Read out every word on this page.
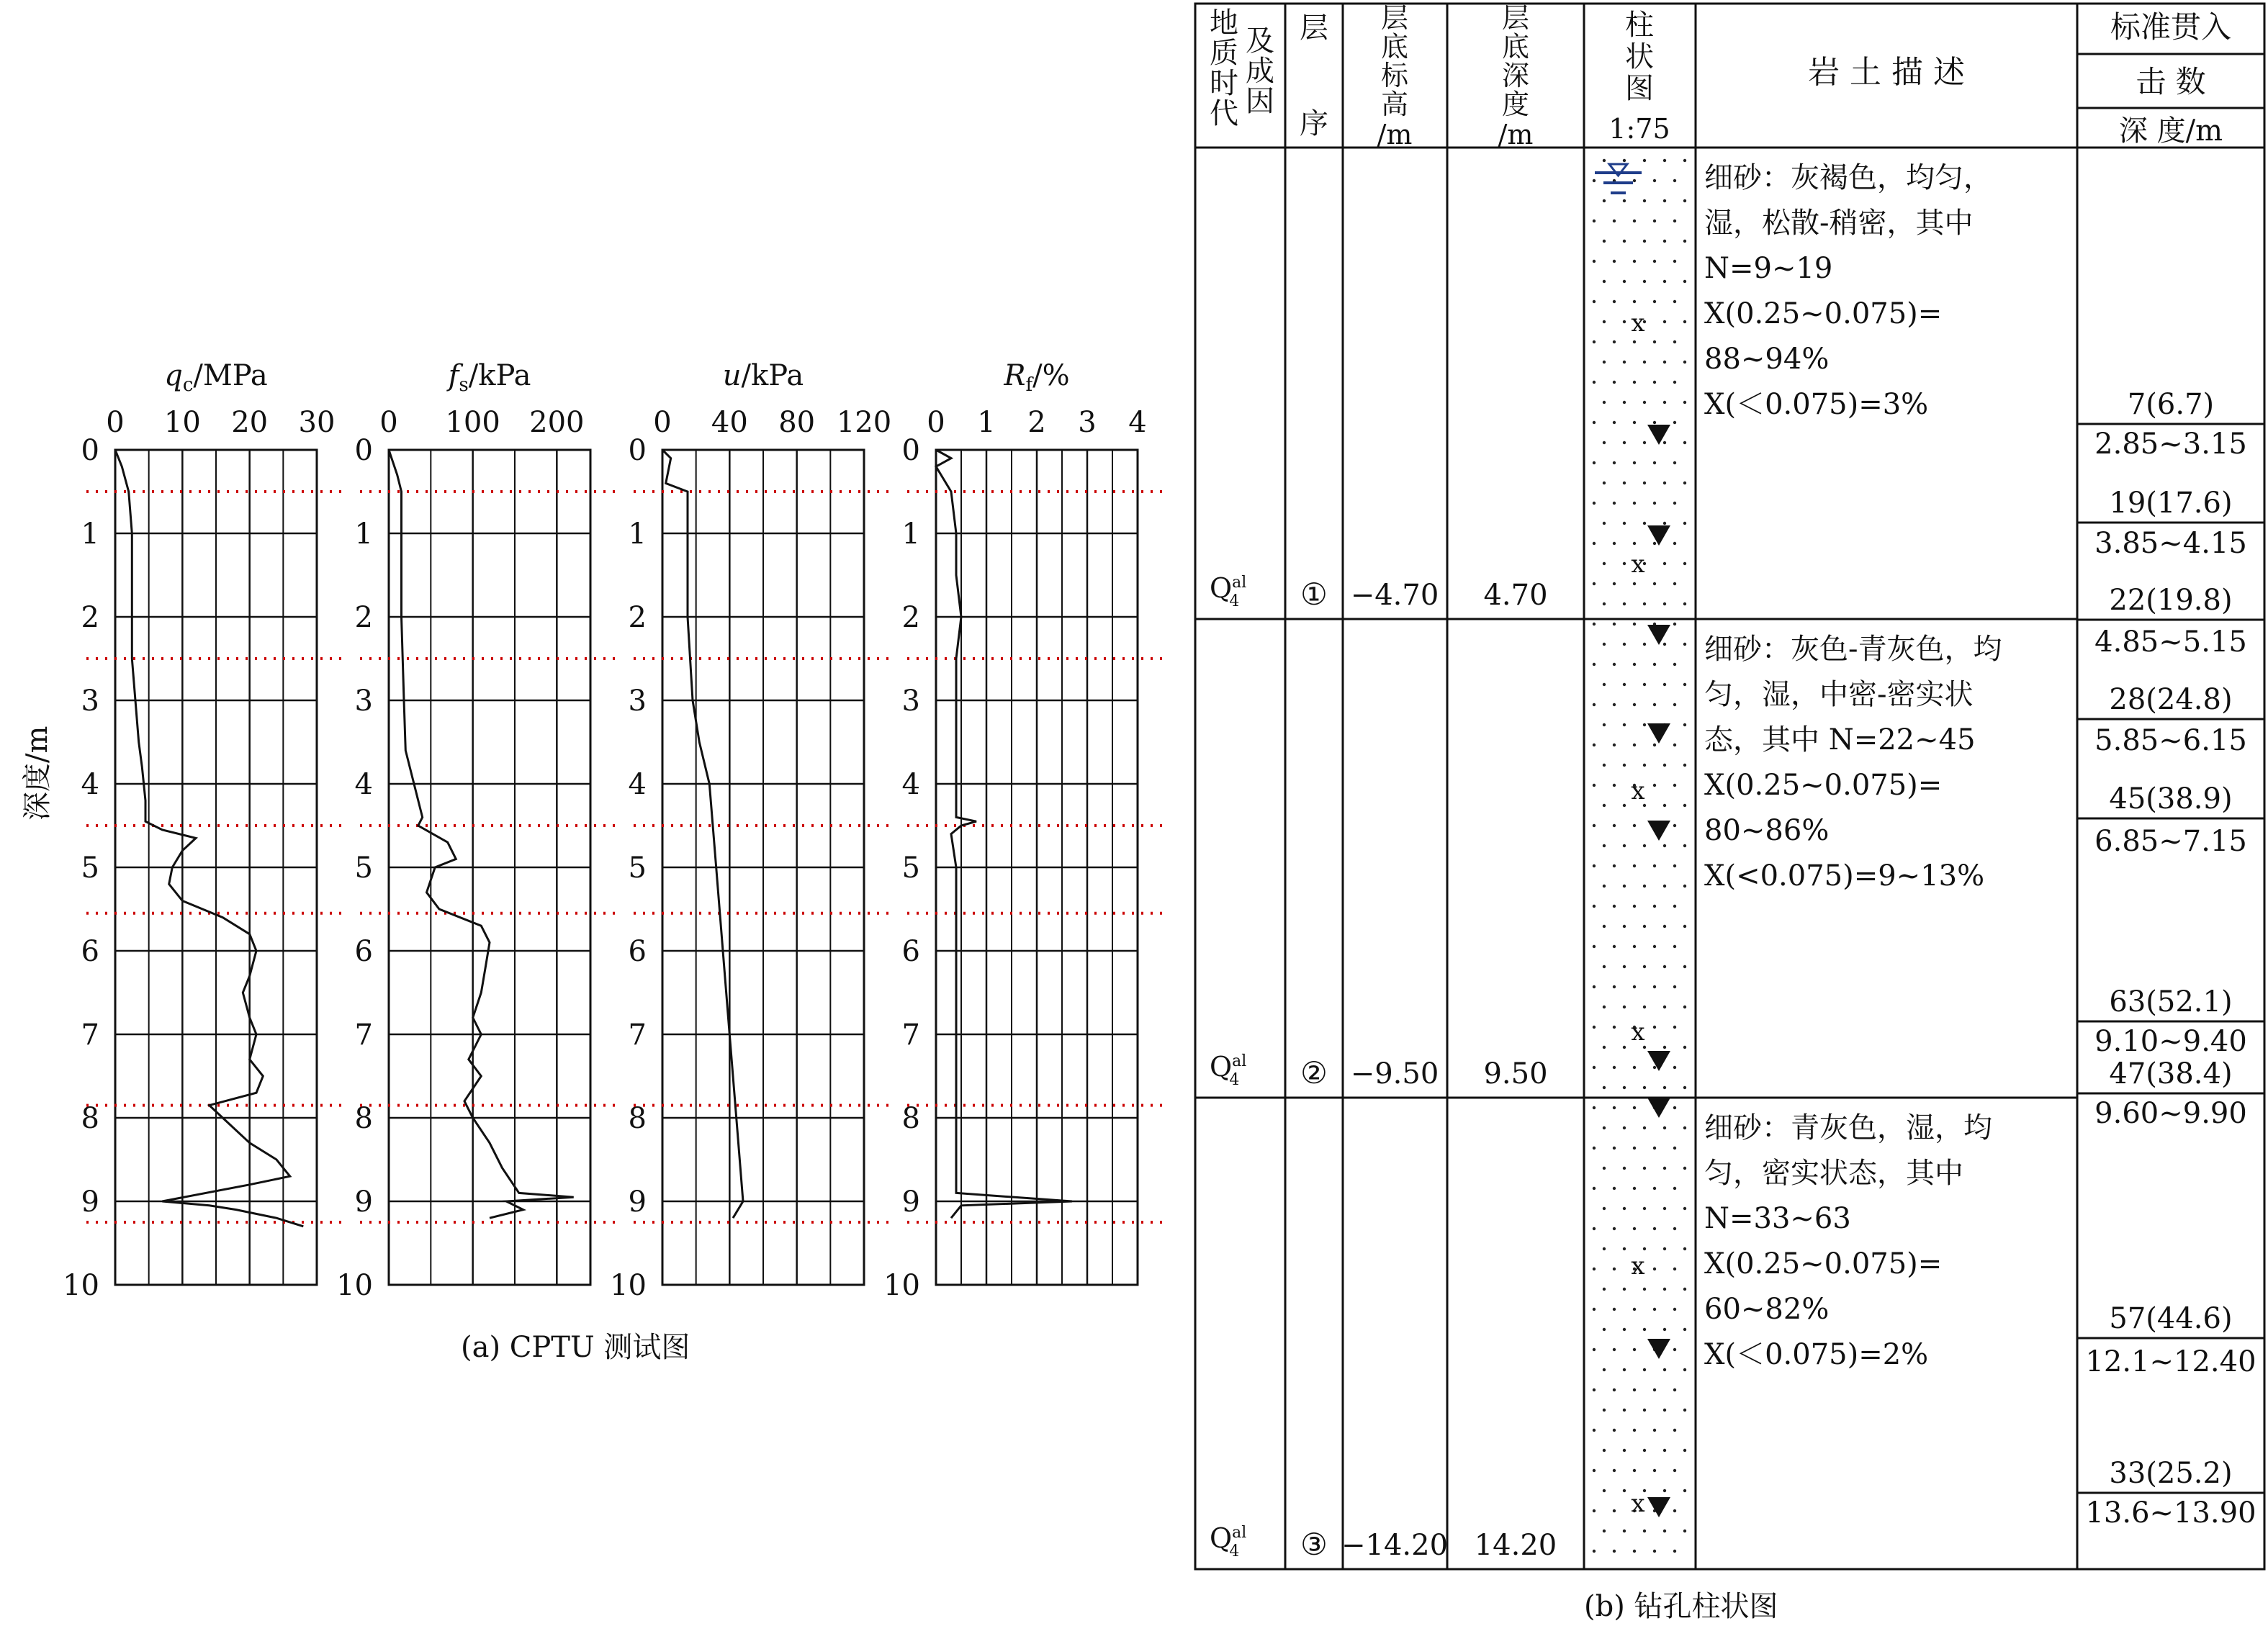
(a) CPTU 测试图
(b) 钻孔柱状图
深度/m
$q_c$/MPa
0
1
2
3
4
5
6
7
8
9
10
0 10 20 30
$f_s$/kPa
0
1
2
3
4
5
6
7
8
9
10
0 100 200
u/kPa
0
1
2
3
4
5
6
7
8
9
10
0 40 80 120
$R_f/\%$
0
1
2
3
4
5
6
7
8
9
10
0 1 2 3 4
地
质
时
代
及
成
因
层
序
层
底
标
高
/m
层
底
深
度
/m
柱
状
图
1:75
岩 土 描 述
标准贯入
击 数
深 度/m
$Q^{al}$ 4 ① −4.70 4.70
细砂：灰褐色，均匀，
湿，松散-稍密，其中
N=9~19
X(0.25~0.075)=
88~94%
X(＜0.075)=3%
$Q^{al}$ 4 ② −9.50 9.50
细砂：灰色-青灰色，均
匀，湿，中密-密实状
态，其中 N=22~45
X(0.25~0.075)=
80~86%
X(<0.075)=9~13%
$Q^{al}$ 4 ③ −14.20 14.20
细砂：青灰色，湿，均
匀，密实状态，其中
N=33~63
X(0.25~0.075)=
60~82%
X(＜0.075)=2%
x
x
x
x
x
x
7(6.7)
2.85~3.15
19(17.6)
3.85~4.15
22(19.8)
4.85~5.15
28(24.8)
5.85~6.15
45(38.9)
6.85~7.15
63(52.1)
9.10~9.40
47(38.4)
9.60~9.90
57(44.6)
12.1~12.40
33(25.2)
13.6~13.90
